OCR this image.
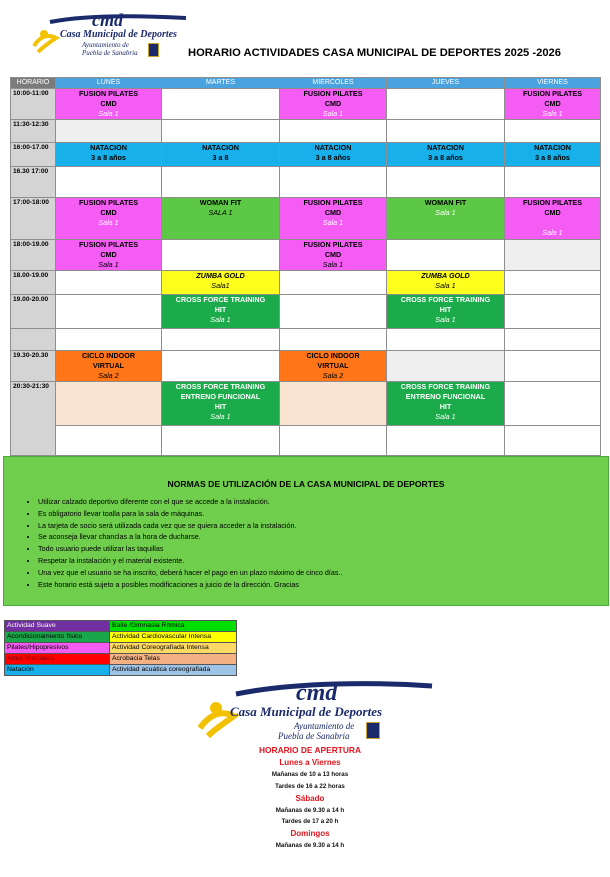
cmd
Casa Municipal de Deportes
Ayuntamiento de
Puebla de Sanabria	HORARIO ACTIVIDADES CASA MUNICIPAL DE DEPORTES 2025 -2026
HORARIO	LUNES	MARTES	MIERCOLES	JUEVES	VIERNES
10:00-11:00	FUSION PILATES
CMD
Sala 1		FUSION PILATES
CMD
Sala 1		FUSION PILATES
CMD
Sala 1

11:30-12:30					
16:00-17.00	NATACION
3 a 8 años	NATACION
3 a 8	NATACION
3 a 8 años	NATACION
3 a 8 años	NATACION
3 a 8 años

16.30 17:00					
17:00-18:00	FUSION PILATES
CMD
Sala 1	WOMAN FIT
SALA 1	FUSION PILATES
CMD
Sala 1	WOMAN FIT
Sala 1	FUSION PILATES
CMD
Sala 1

18:00-19.00	FUSION PILATES
CMD
Sala 1		FUSION PILATES
CMD
Sala 1		

18.00-19.00		ZUMBA GOLD
Sala1		ZUMBA GOLD
Sala 1	

19.00-20.00		CROSS FORCE TRAINING
HIT
Sala 1		CROSS FORCE TRAINING
HIT
Sala 1	

19.30-20.30	CICLO INDOOR
VIRTUAL
Sala 2		CICLO INDOOR
VIRTUAL
Sala 2		

20:30-21:30		CROSS FORCE TRAINING
ENTRENO FUNCIONAL
HIT
Sala 1		CROSS FORCE TRAINING
ENTRENO FUNCIONAL
HIT
Sala 1	

NORMAS DE UTILIZACIÓN DE LA CASA MUNICIPAL DE DEPORTES
• Utilizar calzado deportivo diferente con el que se accede a la instalación.
• Es obligatorio llevar toalla para la sala de máquinas.
• La tarjeta de socio será utilizada cada vez que se quiera acceder a la instalación.
• Se aconseja llevar chanclas a la hora de ducharse.
• Todo usuario puede utilizar las taquillas
• Respetar la instalación y el material existente.
• Una vez que el usuario se ha inscrito, deberá hacer el pago en un plazo máximo de cinco días..
• Este horario está sujeto a posibles modificaciones a juicio de la dirección. Gracias
Actividad Suave	Baile /Gimnasia Rítmica
Acondicionamiento físico	Actividad Cardiovascular Intensa
Pilates/Hipopresivos	Actividad Coreografiada Intensa
Artes Marciales	Acrobacia Telas
Natación	Actividad acuática coreografiada
cmd
Casa Municipal de Deportes
Ayuntamiento de
Puebla de Sanabria
HORARIO DE APERTURA
Lunes a Viernes
Mañanas de 10 a 13 horas
Tardes de 16 a 22 horas
Sábado
Mañanas de 9.30 a 14 h
Tardes de 17 a 20 h
Domingos
Mañanas de 9.30 a 14 h
